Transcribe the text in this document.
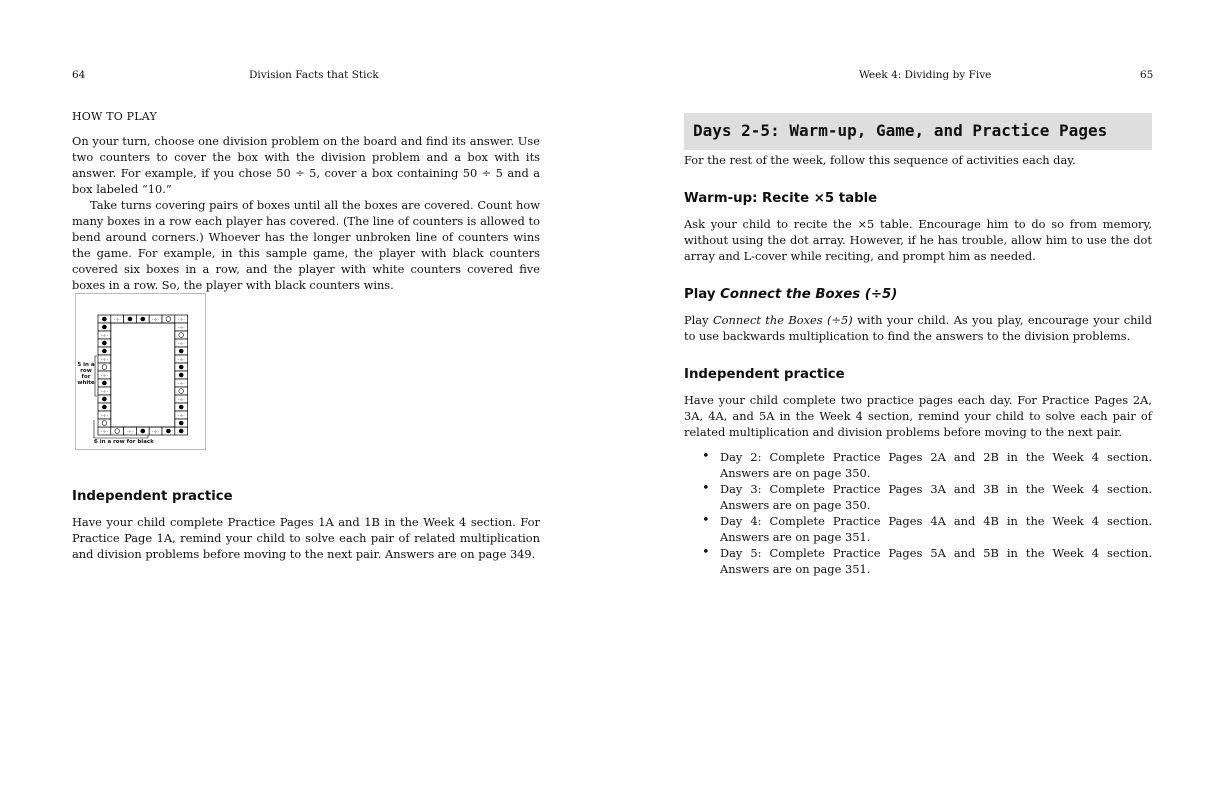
64	Division Facts that Stick
HOW TO PLAY

On your turn, choose one division problem on the board and find its answer. Use two counters to cover the box with the division problem and a box with its answer. For example, if you chose 50 ÷ 5, cover a box containing 50 ÷ 5 and a box labeled “10.”

Take turns covering pairs of boxes until all the boxes are covered. Count how many boxes in a row each player has covered. (The line of counters is allowed to bend around corners.) Whoever has the longer unbroken line of counters wins the game. For example, in this sample game, the player with black counters covered six boxes in a row, and the player with white counters covered five boxes in a row. So, the player with black counters wins.

·÷·
·÷·
·÷·
·÷·
·÷·
·÷·
·÷·
·÷·
·÷·
·÷·	·÷·
·÷·
·÷·
·÷·
·÷·
·÷·	·÷·
5 in a row for white
6 in a row for black
Independent practice
Have your child complete Practice Pages 1A and 1B in the Week 4 section. For Practice Page 1A, remind your child to solve each pair of related multiplication and division problems before moving to the next pair. Answers are on page 349.
Week 4: Dividing by Five	65
Days 2-5: Warm-up, Game, and Practice Pages
For the rest of the week, follow this sequence of activities each day.
Warm-up: Recite ×5 table
Ask your child to recite the ×5 table. Encourage him to do so from memory, without using the dot array. However, if he has trouble, allow him to use the dot array and L-cover while reciting, and prompt him as needed.
Play Connect the Boxes (÷5)
Play Connect the Boxes (÷5) with your child. As you play, encourage your child to use backwards multiplication to find the answers to the division problems.
Independent practice
Have your child complete two practice pages each day. For Practice Pages 2A, 3A, 4A, and 5A in the Week 4 section, remind your child to solve each pair of related multiplication and division problems before moving to the next pair.
• Day 2: Complete Practice Pages 2A and 2B in the Week 4 section. Answers are on page 350.
• Day 3: Complete Practice Pages 3A and 3B in the Week 4 section. Answers are on page 350.
• Day 4: Complete Practice Pages 4A and 4B in the Week 4 section. Answers are on page 351.
• Day 5: Complete Practice Pages 5A and 5B in the Week 4 section. Answers are on page 351.
